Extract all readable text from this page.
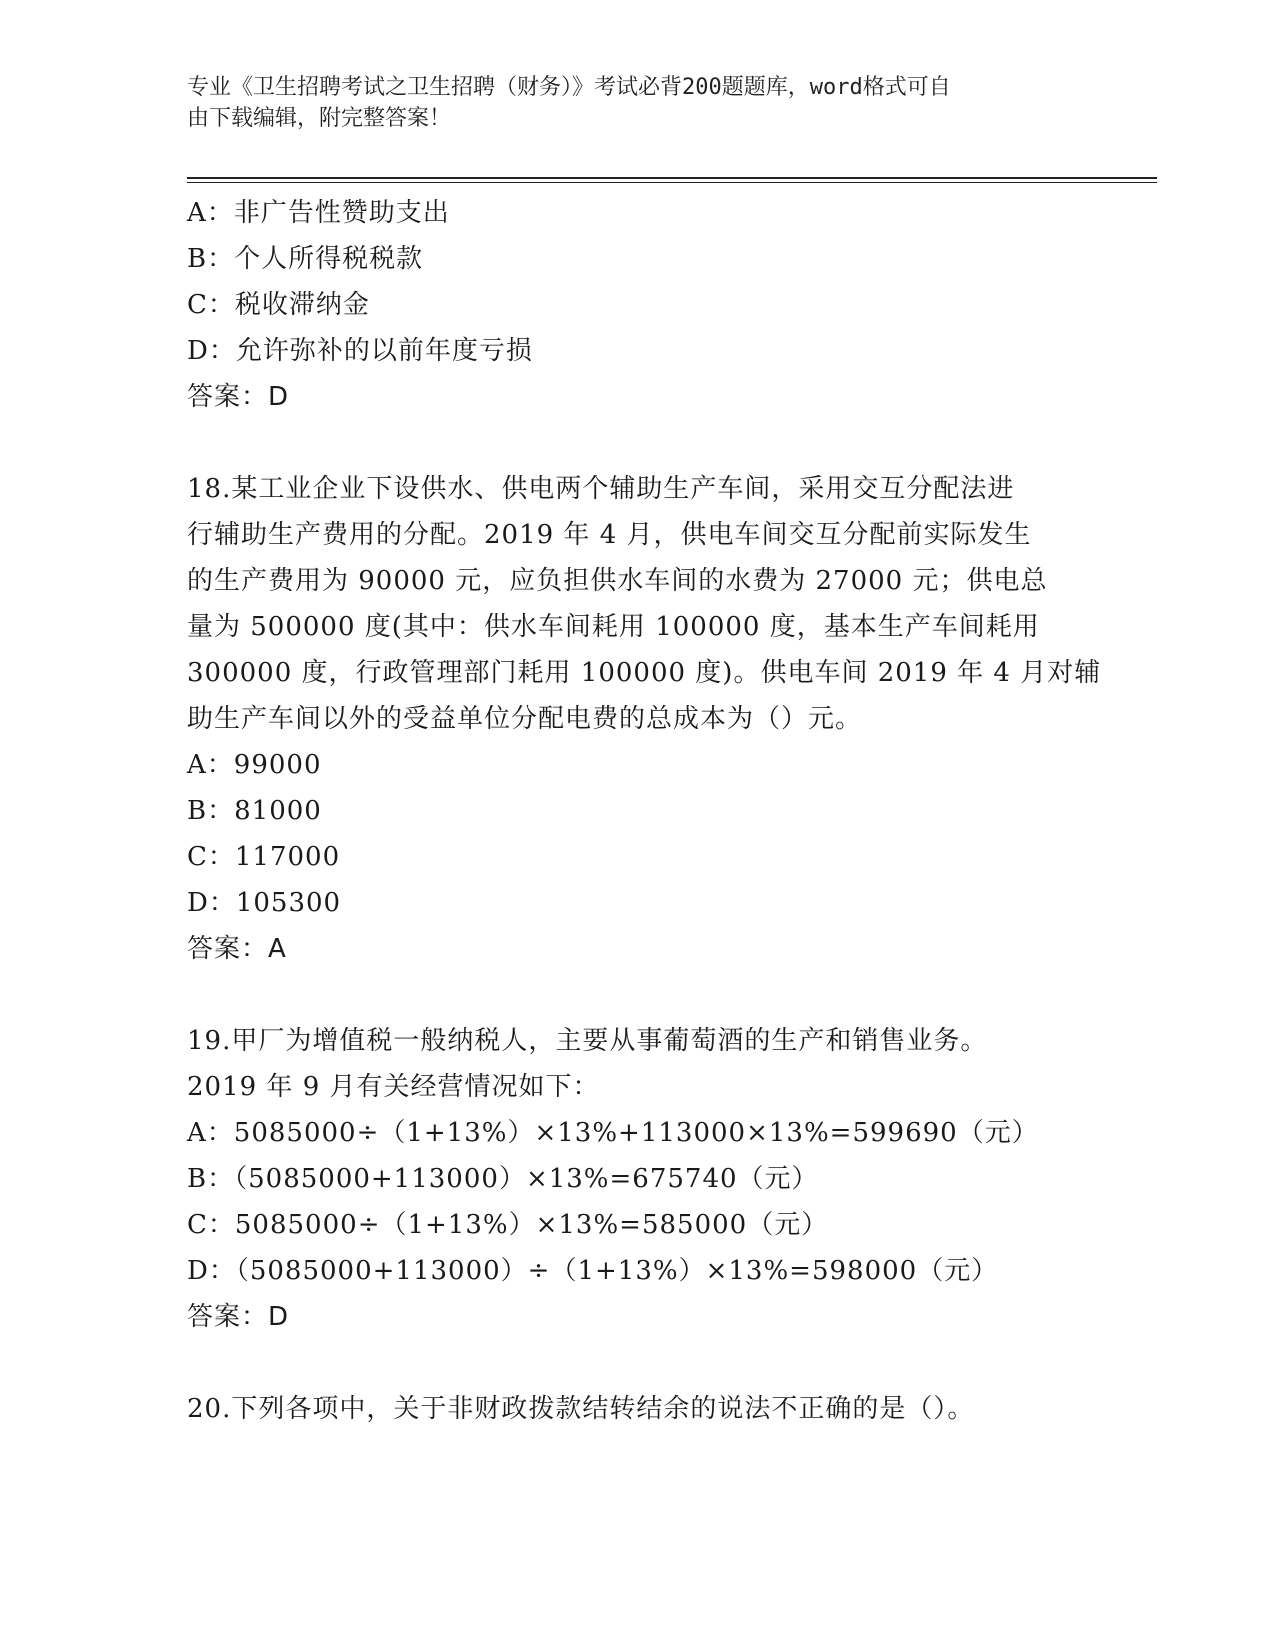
专业《卫生招聘考试之卫生招聘（财务）》考试必背200题题库，word格式可自
由下载编辑，附完整答案！
A：非广告性赞助支出
B：个人所得税税款
C：税收滞纳金
D：允许弥补的以前年度亏损
答案：D
18.某工业企业下设供水、供电两个辅助生产车间，采用交互分配法进
行辅助生产费用的分配。2019 年 4 月，供电车间交互分配前实际发生
的生产费用为 90000 元，应负担供水车间的水费为 27000 元；供电总
量为 500000 度(其中：供水车间耗用 100000 度，基本生产车间耗用
300000 度，行政管理部门耗用 100000 度)。供电车间 2019 年 4 月对辅
助生产车间以外的受益单位分配电费的总成本为（）元。
A：99000
B：81000
C：117000
D：105300
答案：A
19.甲厂为增值税一般纳税人，主要从事葡萄酒的生产和销售业务。
2019 年 9 月有关经营情况如下：
A：5085000÷（1+13%）×13%+113000×13%=599690（元）
B：（5085000+113000）×13%=675740（元）
C：5085000÷（1+13%）×13%=585000（元）
D：（5085000+113000）÷（1+13%）×13%=598000（元）
答案：D
20.下列各项中，关于非财政拨款结转结余的说法不正确的是（）。
